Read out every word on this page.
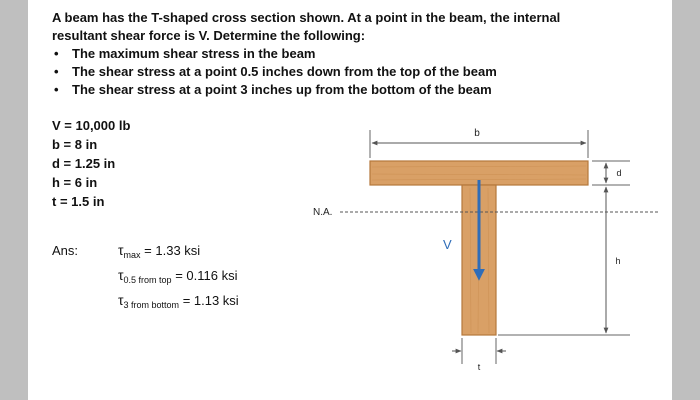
A beam has the T-shaped cross section shown. At a point in the beam, the internal resultant shear force is V. Determine the following:
• The maximum shear stress in the beam
• The shear stress at a point 0.5 inches down from the top of the beam
• The shear stress at a point 3 inches up from the bottom of the beam
V = 10,000 lb
b = 8 in
d = 1.25 in
h = 6 in
t = 1.5 in
Ans:	$\tau_{max} = 1.33$ ksi
$\tau_{0.5 from top} = 0.116$ ksi
$\tau_{3 from bottom} = 1.13$ ksi
b
d
h
N.A.
V
t
